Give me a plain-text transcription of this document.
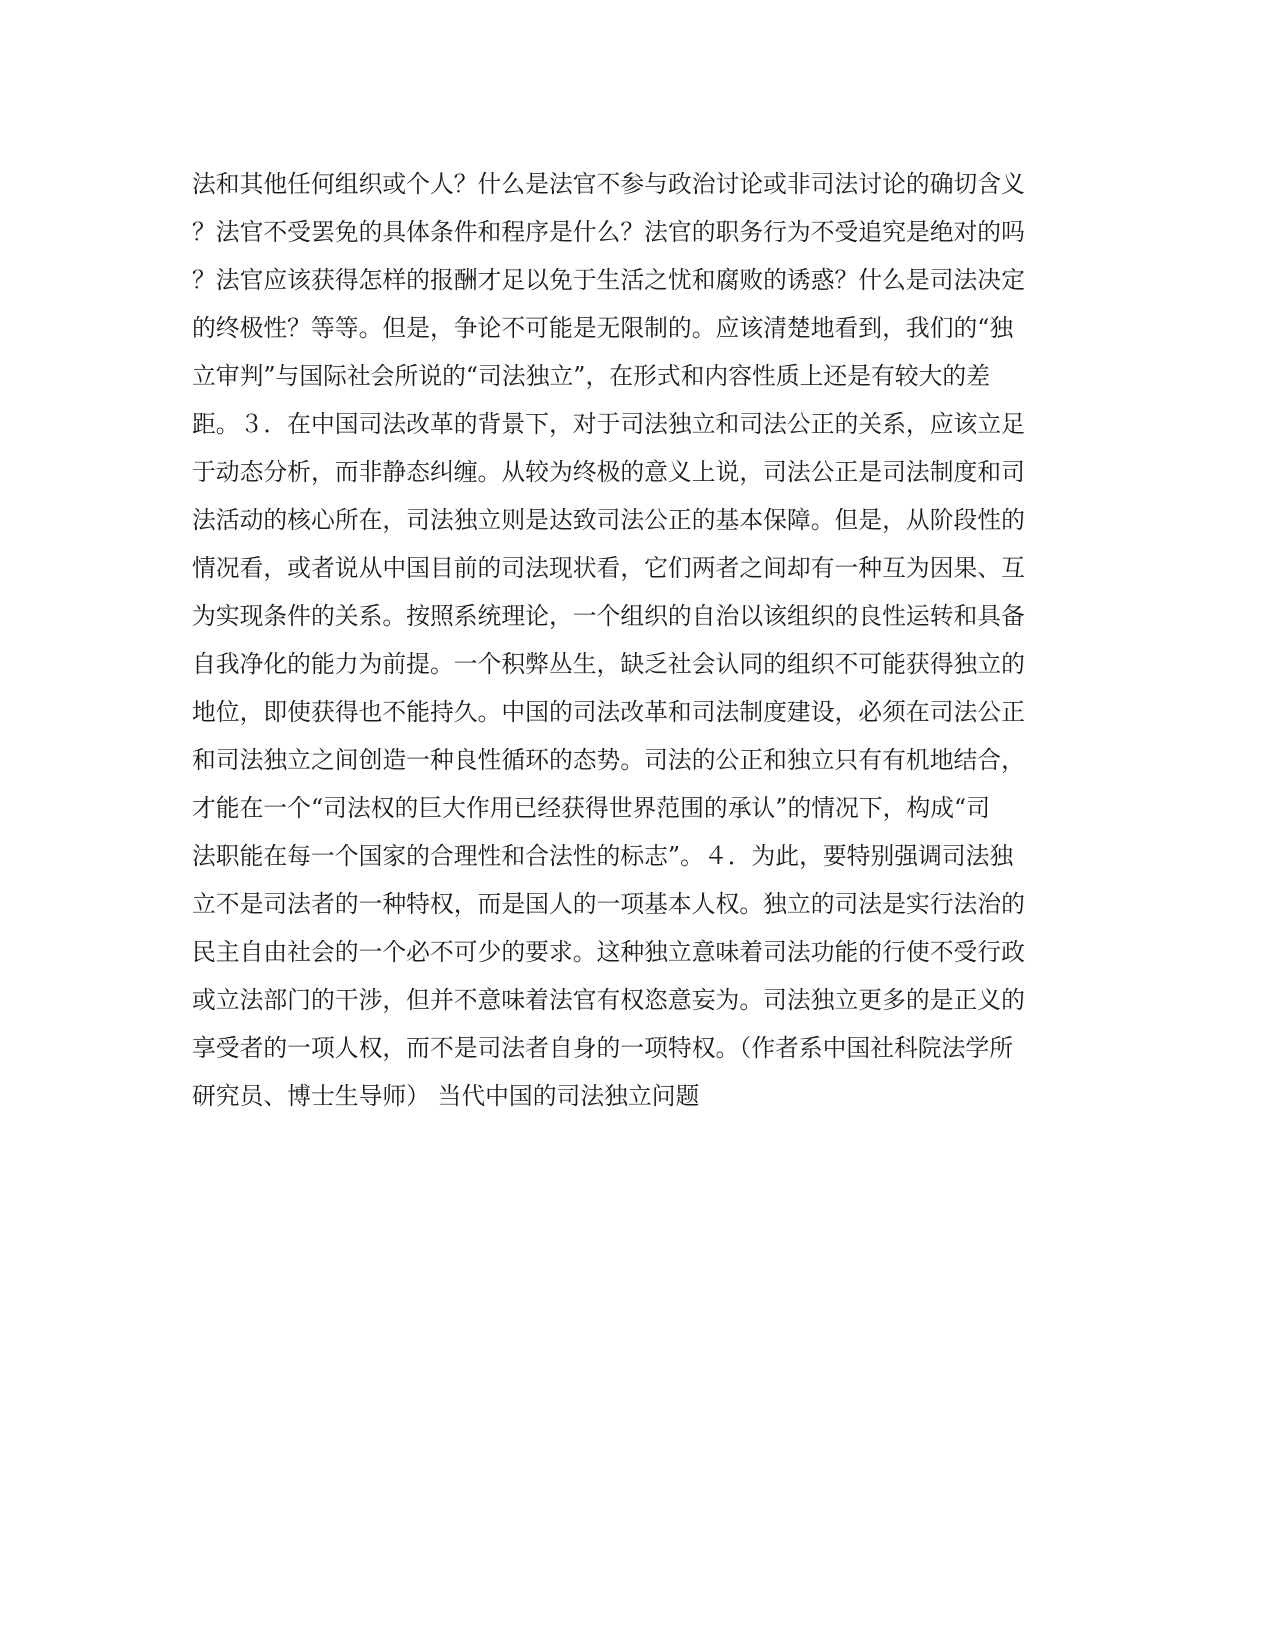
法和其他任何组织或个人？什么是法官不参与政治讨论或非司法讨论的确切含义
？法官不受罢免的具体条件和程序是什么？法官的职务行为不受追究是绝对的吗
？法官应该获得怎样的报酬才足以免于生活之忧和腐败的诱惑？什么是司法决定
的终极性？等等。但是，争论不可能是无限制的。应该清楚地看到，我们的“独
立审判”与国际社会所说的“司法独立”，在形式和内容性质上还是有较大的差
距。３．在中国司法改革的背景下，对于司法独立和司法公正的关系，应该立足
于动态分析，而非静态纠缠。从较为终极的意义上说，司法公正是司法制度和司
法活动的核心所在，司法独立则是达致司法公正的基本保障。但是，从阶段性的
情况看，或者说从中国目前的司法现状看，它们两者之间却有一种互为因果、互
为实现条件的关系。按照系统理论，一个组织的自治以该组织的良性运转和具备
自我净化的能力为前提。一个积弊丛生，缺乏社会认同的组织不可能获得独立的
地位，即使获得也不能持久。中国的司法改革和司法制度建设，必须在司法公正
和司法独立之间创造一种良性循环的态势。司法的公正和独立只有有机地结合，
才能在一个“司法权的巨大作用已经获得世界范围的承认”的情况下，构成“司
法职能在每一个国家的合理性和合法性的标志”。４．为此，要特别强调司法独
立不是司法者的一种特权，而是国人的一项基本人权。独立的司法是实行法治的
民主自由社会的一个必不可少的要求。这种独立意味着司法功能的行使不受行政
或立法部门的干涉，但并不意味着法官有权恣意妄为。司法独立更多的是正义的
享受者的一项人权，而不是司法者自身的一项特权。（作者系中国社科院法学所
研究员、博士生导师） 当代中国的司法独立问题
